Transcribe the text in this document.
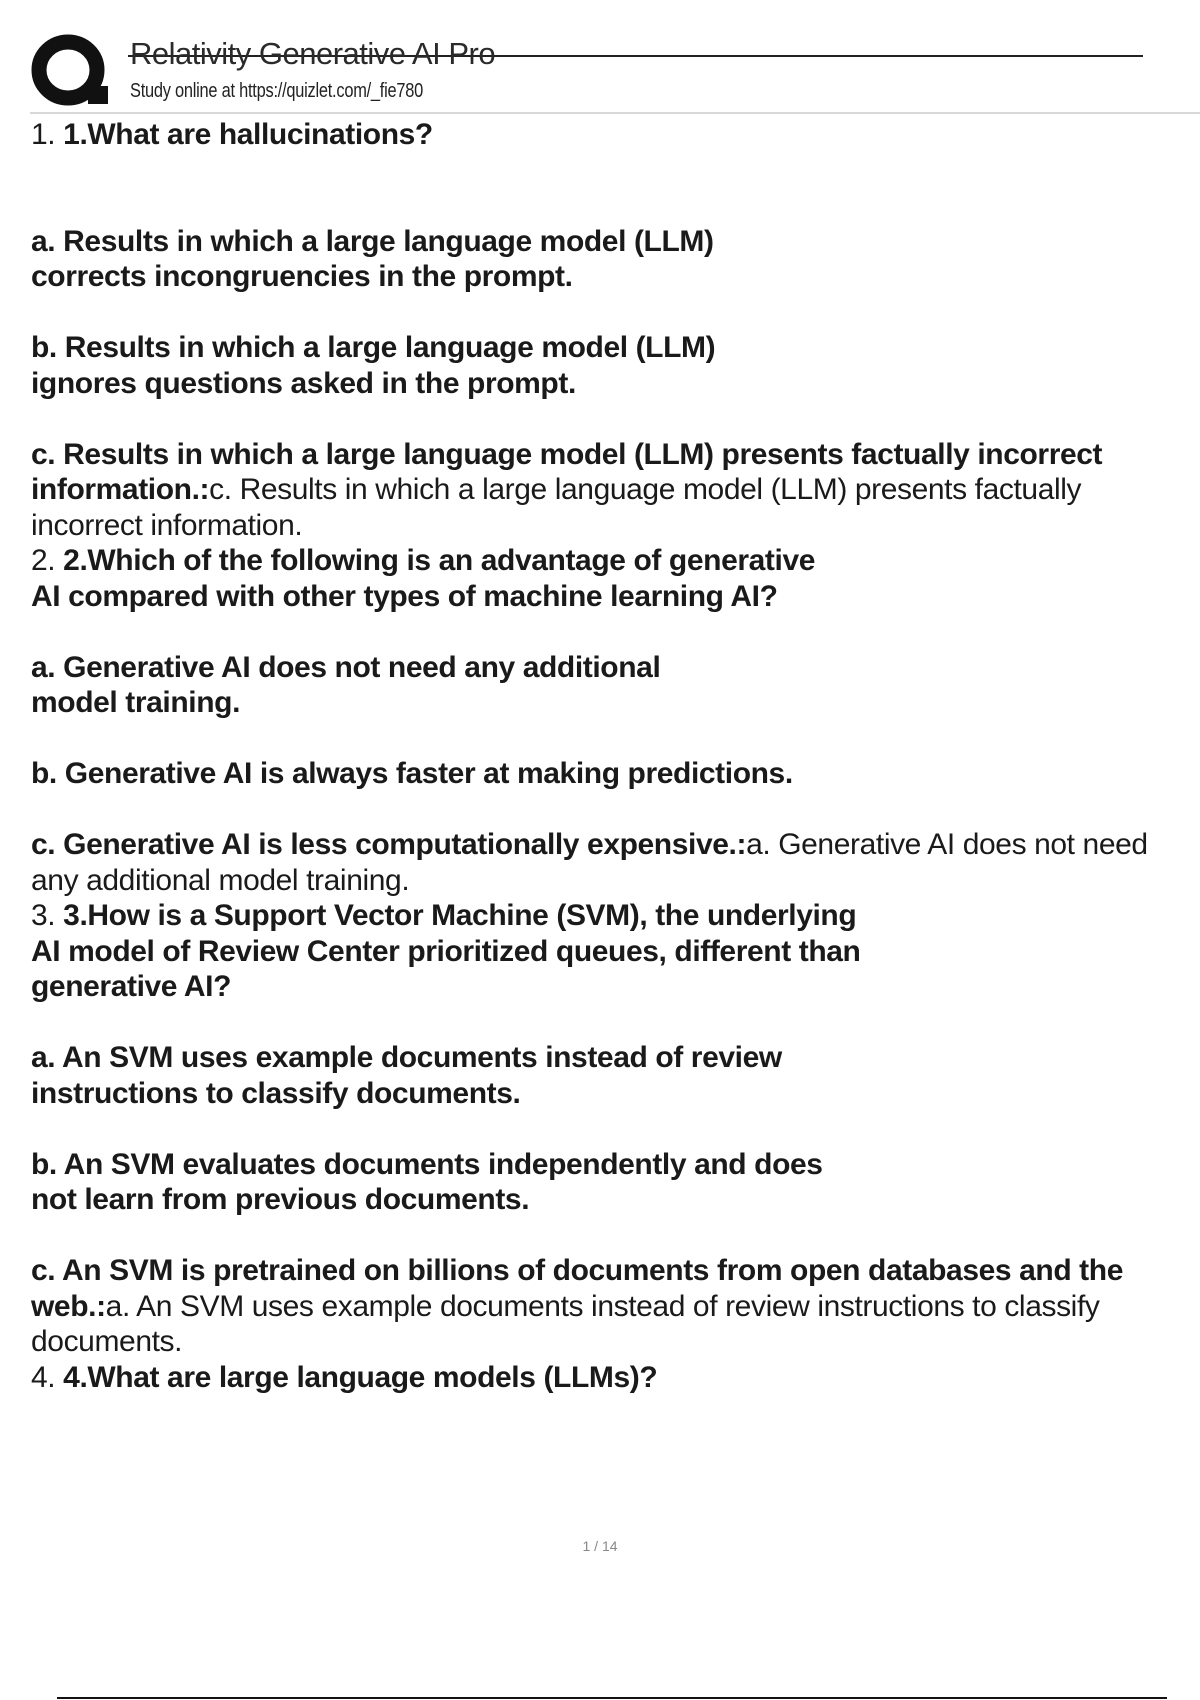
Relativity Generative AI Pro
Study online at https://quizlet.com/_fie780

1. 1.What are hallucinations?

a. Results in which a large language model (LLM) corrects incongruencies in the prompt.

b. Results in which a large language model (LLM) ignores questions asked in the prompt.

c. Results in which a large language model (LLM) presents factually incorrect information.:c. Results in which a large language model (LLM) presents factually incorrect information.

2. 2.Which of the following is an advantage of generative AI compared with other types of machine learning AI?

a. Generative AI does not need any additional model training.

b. Generative AI is always faster at making predictions.

c. Generative AI is less computationally expensive.:a. Generative AI does not need any additional model training.

3. 3.How is a Support Vector Machine (SVM), the underlying AI model of Review Center prioritized queues, different than generative AI?

a. An SVM uses example documents instead of review instructions to classify documents.

b. An SVM evaluates documents independently and does not learn from previous documents.

c. An SVM is pretrained on billions of documents from open databases and the web.:a. An SVM uses example documents instead of review instructions to classify documents.

4. 4.What are large language models (LLMs)?

1 / 14
